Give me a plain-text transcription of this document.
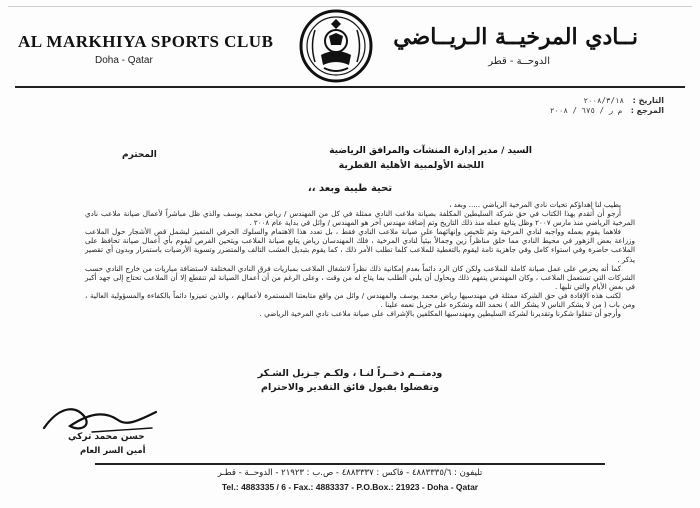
AL MARKHIYA SPORTS CLUB
Doha - Qatar
نــادي المرخيــة الـريــاضي
الدوحــة - قطر
التاريخ : ٢٠٠٨/٣/١٨
المرجع : م ر / ٦٧٥ / ٢٠٠٨
السيد / مدير إدارة المنشآت والمرافق الرياضية
المحترم
اللجنة الأولمبية الأهلية القطرية
تحية طيبة وبعد ،،

يطيب لنا إهداؤكم تحيات نادي المرخية الرياضي ..... وبعد ،

أرجو أن أتقدم بهذا الكتاب في حق شركة السليطين المكلفة بصيانة ملاعب النادي ممثلة في كل من المهندس / رياض محمد يوسف والذي ظل مباشراً لأعمال صيانة ملاعب نادي المرخية الرياضي منذ مارس ٢٠٠٧ وظل يتابع عمله منذ ذلك التاريخ وتم إضافة مهندس آخر هو المهندس / وائل في بداية عام ٢٠٠٨ .

فلاهما يقوم بعمله وواجبه لنادي المرخية وتم تلخيص وإنهائهما على صيانة ملاعب النادي فقط ، بل تعدد هذا الاهتمام والسلوك الحرفي المتميز ليشمل قص الأشجار حول الملاعب وزراعة بعض الزهور في محيط النادي مما خلق مناظراً زين وجمالاً بيئياً لنادي المرخية ، فلك المهندسان رياض يتابع صيانة الملاعب ويتحين الفرص ليقوم بأي أعمال صيانة تحافظ على الملاعب حاضرة وفي استواء كامل وفي جاهزية تامة ليقوم بالتغطية للملاعب كلما تطلب الأمر ذلك ، كما يقوم بتبديل العشب التالف والمتضرر وتسوية الأرضيات باستمرار وبدون أي تقصير يذكر .

كما أنه يحرص على عمل صيانة كاملة للملاعب ولكن كان الرد دائماً بعدم إمكانية ذلك نظراً لانشغال الملاعب بمباريات فرق النادي المختلفة لاستضافة مباريات من خارج النادي حسب الشركات التي تستعمل الملاعب ، وكان المهندس يتفهم ذلك ويحاول أن يلبي الطلب بما يتاح له من وقت ، وعلى الرغم من أن أعمال الصيانة لم تنقطع إلا أن الملاعب تحتاج إلى جهد أكبر في بعض الأيام والتي تليها .

لكتب هذه الإفادة في حق الشركة ممثلة في مهندسيها رياض محمد يوسف والمهندس / وائل من واقع متابعتنا المستمرة لأعمالهم ، والذين تميزوا دائماً بالكفاءة والمسؤولية العالية ، ومن باب ( من لا يشكر الناس لا يشكر الله ) نحمد الله ونشكره على جزيل نعمه علينا .

وأرجو أن تنقلوا شكرنا وتقديرنا لشركة السليطين ومهندسيها المكلفين بالإشراف على صيانة ملاعب نادي المرخية الرياضي .

ودمتــم ذخــراً لنـا ، ولكـم جـزيل الشـكر
وتفضلوا بقبول فائق التقدير والاحترام
حسن محمد تركي
أمين السر العام
تليفون : ٤٨٨٣٣٣٥/٦ - فاكس : ٤٨٨٣٣٣٧ - ص.ب : ٢١٩٢٣ - الدوحــة - قطـر
Tel.: 4883335 / 6 - Fax.: 4883337 - P.O.Box.: 21923 - Doha - Qatar
